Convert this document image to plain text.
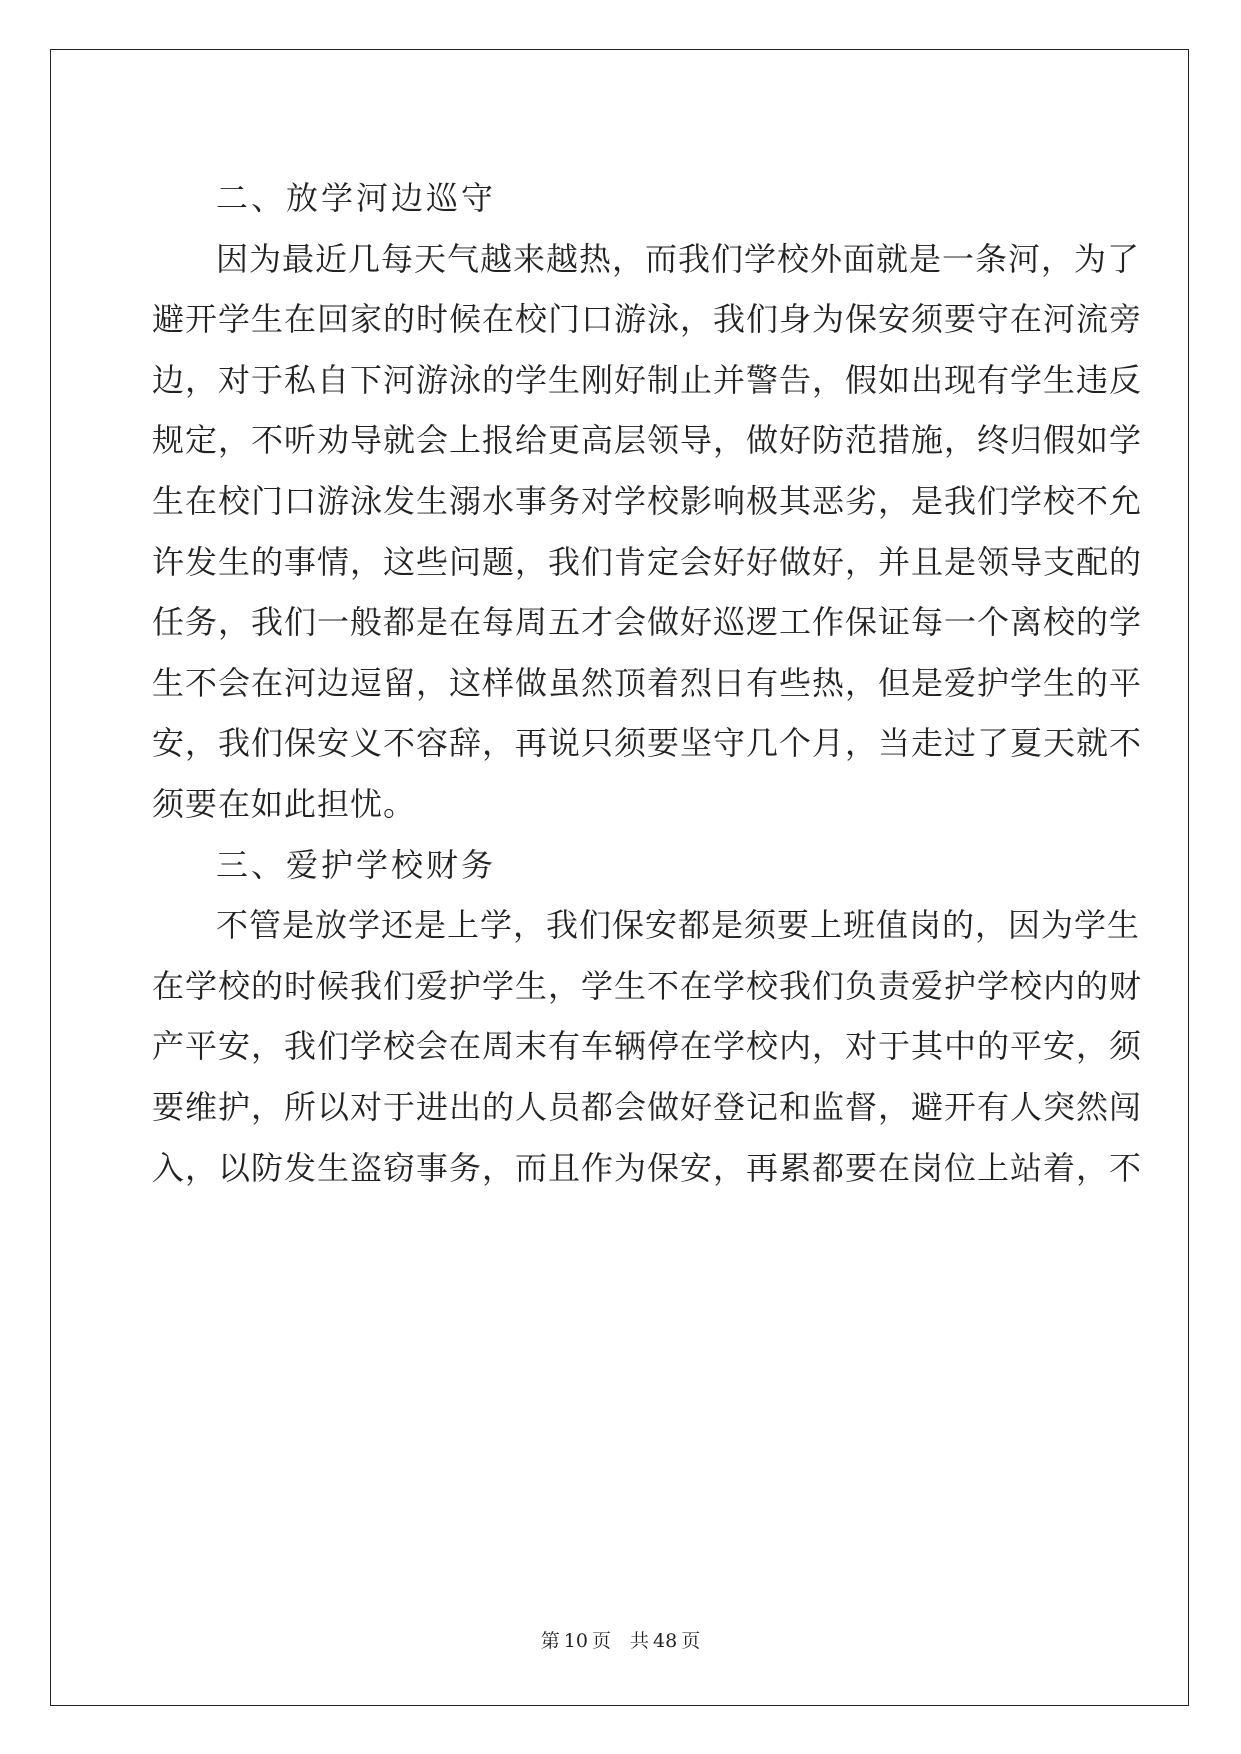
二、放学河边巡守
因为最近几每天气越来越热，而我们学校外面就是一条河，为了
避开学生在回家的时候在校门口游泳，我们身为保安须要守在河流旁
边，对于私自下河游泳的学生刚好制止并警告，假如出现有学生违反
规定，不听劝导就会上报给更高层领导，做好防范措施，终归假如学
生在校门口游泳发生溺水事务对学校影响极其恶劣，是我们学校不允
许发生的事情，这些问题，我们肯定会好好做好，并且是领导支配的
任务，我们一般都是在每周五才会做好巡逻工作保证每一个离校的学
生不会在河边逗留，这样做虽然顶着烈日有些热，但是爱护学生的平
安，我们保安义不容辞，再说只须要坚守几个月，当走过了夏天就不
须要在如此担忧。
三、爱护学校财务
不管是放学还是上学，我们保安都是须要上班值岗的，因为学生
在学校的时候我们爱护学生，学生不在学校我们负责爱护学校内的财
产平安，我们学校会在周末有车辆停在学校内，对于其中的平安，须
要维护，所以对于进出的人员都会做好登记和监督，避开有人突然闯
入，以防发生盗窃事务，而且作为保安，再累都要在岗位上站着，不
第 10 页　共 48 页
